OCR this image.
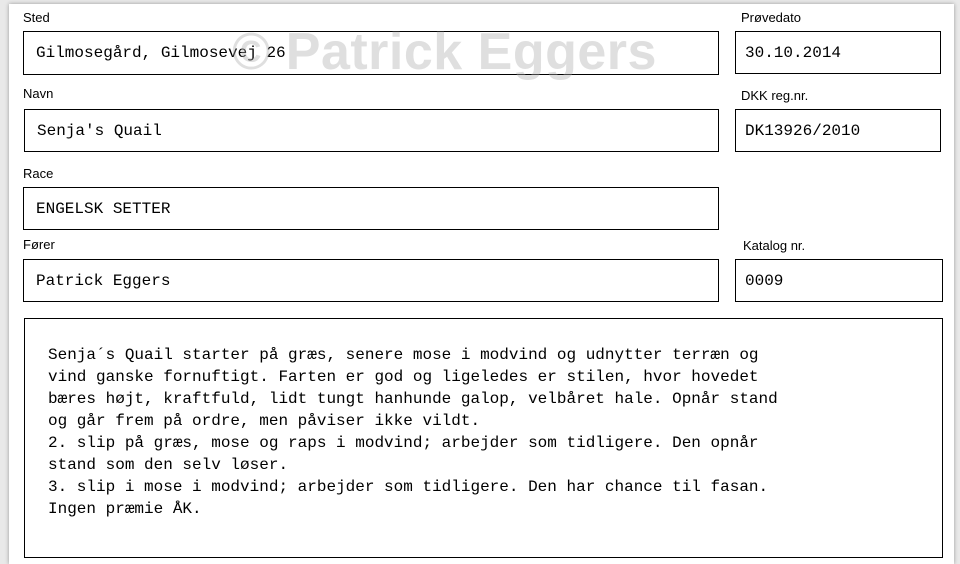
Sted
Gilmosegård, Gilmosevej 26
Prøvedato
30.10.2014
Navn
Senja's Quail
DKK reg.nr.
DK13926/2010
Race
ENGELSK SETTER
Fører
Patrick Eggers
Katalog nr.
0009
Senja´s Quail starter på græs, senere mose i modvind og udnytter terræn og
vind ganske fornuftigt. Farten er god og ligeledes er stilen, hvor hovedet
bæres højt, kraftfuld, lidt tungt hanhunde galop, velbåret hale. Opnår stand
og går frem på ordre, men påviser ikke vildt.
2. slip på græs, mose og raps i modvind; arbejder som tidligere. Den opnår
stand som den selv løser.
3. slip i mose i modvind; arbejder som tidligere. Den har chance til fasan.
Ingen præmie ÅK.
© Patrick Eggers
